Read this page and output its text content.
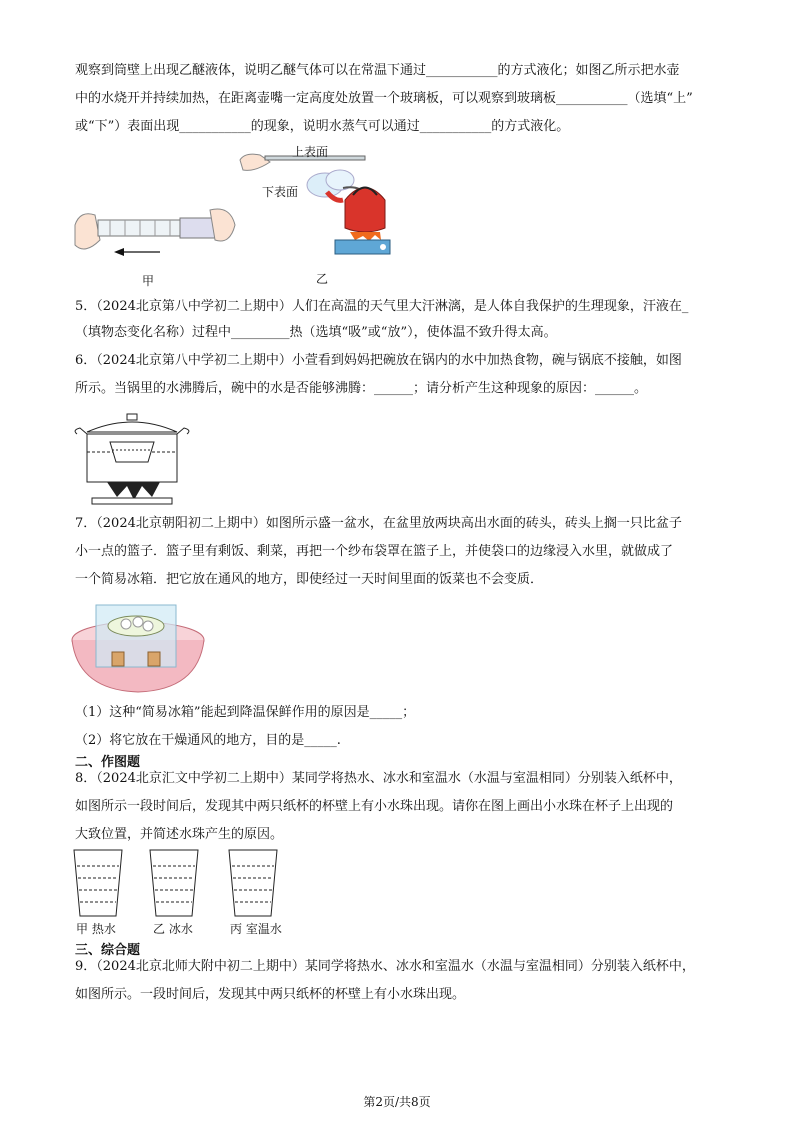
观察到筒壁上出现乙醚液体，说明乙醚气体可以在常温下通过___________的方式液化；如图乙所示把水壶
中的水烧开并持续加热，在距离壶嘴一定高度处放置一个玻璃板，可以观察到玻璃板___________（选填“上”
或“下”）表面出现___________的现象，说明水蒸气可以通过___________的方式液化。
甲
上表面
下表面
乙
5．（2024北京第八中学初二上期中）人们在高温的天气里大汗淋漓，是人体自我保护的生理现象，汗液在_
（填物态变化名称）过程中_________热（选填“吸”或“放”），使体温不致升得太高。
6．（2024北京第八中学初二上期中）小萱看到妈妈把碗放在锅内的水中加热食物，碗与锅底不接触，如图
所示。当锅里的水沸腾后，碗中的水是否能够沸腾：______；请分析产生这种现象的原因：______。
7．（2024北京朝阳初二上期中）如图所示盛一盆水，在盆里放两块高出水面的砖头，砖头上搁一只比盆子
小一点的篮子．篮子里有剩饭、剩菜，再把一个纱布袋罩在篮子上，并使袋口的边缘浸入水里，就做成了
一个简易冰箱．把它放在通风的地方，即使经过一天时间里面的饭菜也不会变质．
（1）这种“简易冰箱”能起到降温保鲜作用的原因是_____；
（2）将它放在干燥通风的地方，目的是_____.
二、作图题
8．（2024北京汇文中学初二上期中）某同学将热水、冰水和室温水（水温与室温相同）分别装入纸杯中，
如图所示一段时间后，发现其中两只纸杯的杯壁上有小水珠出现。请你在图上画出小水珠在杯子上出现的
大致位置，并简述水珠产生的原因。
甲 热水	乙 冰水	丙 室温水
三、综合题
9．（2024北京北师大附中初二上期中）某同学将热水、冰水和室温水（水温与室温相同）分别装入纸杯中，
如图所示。一段时间后，发现其中两只纸杯的杯壁上有小水珠出现。
第2页/共8页
